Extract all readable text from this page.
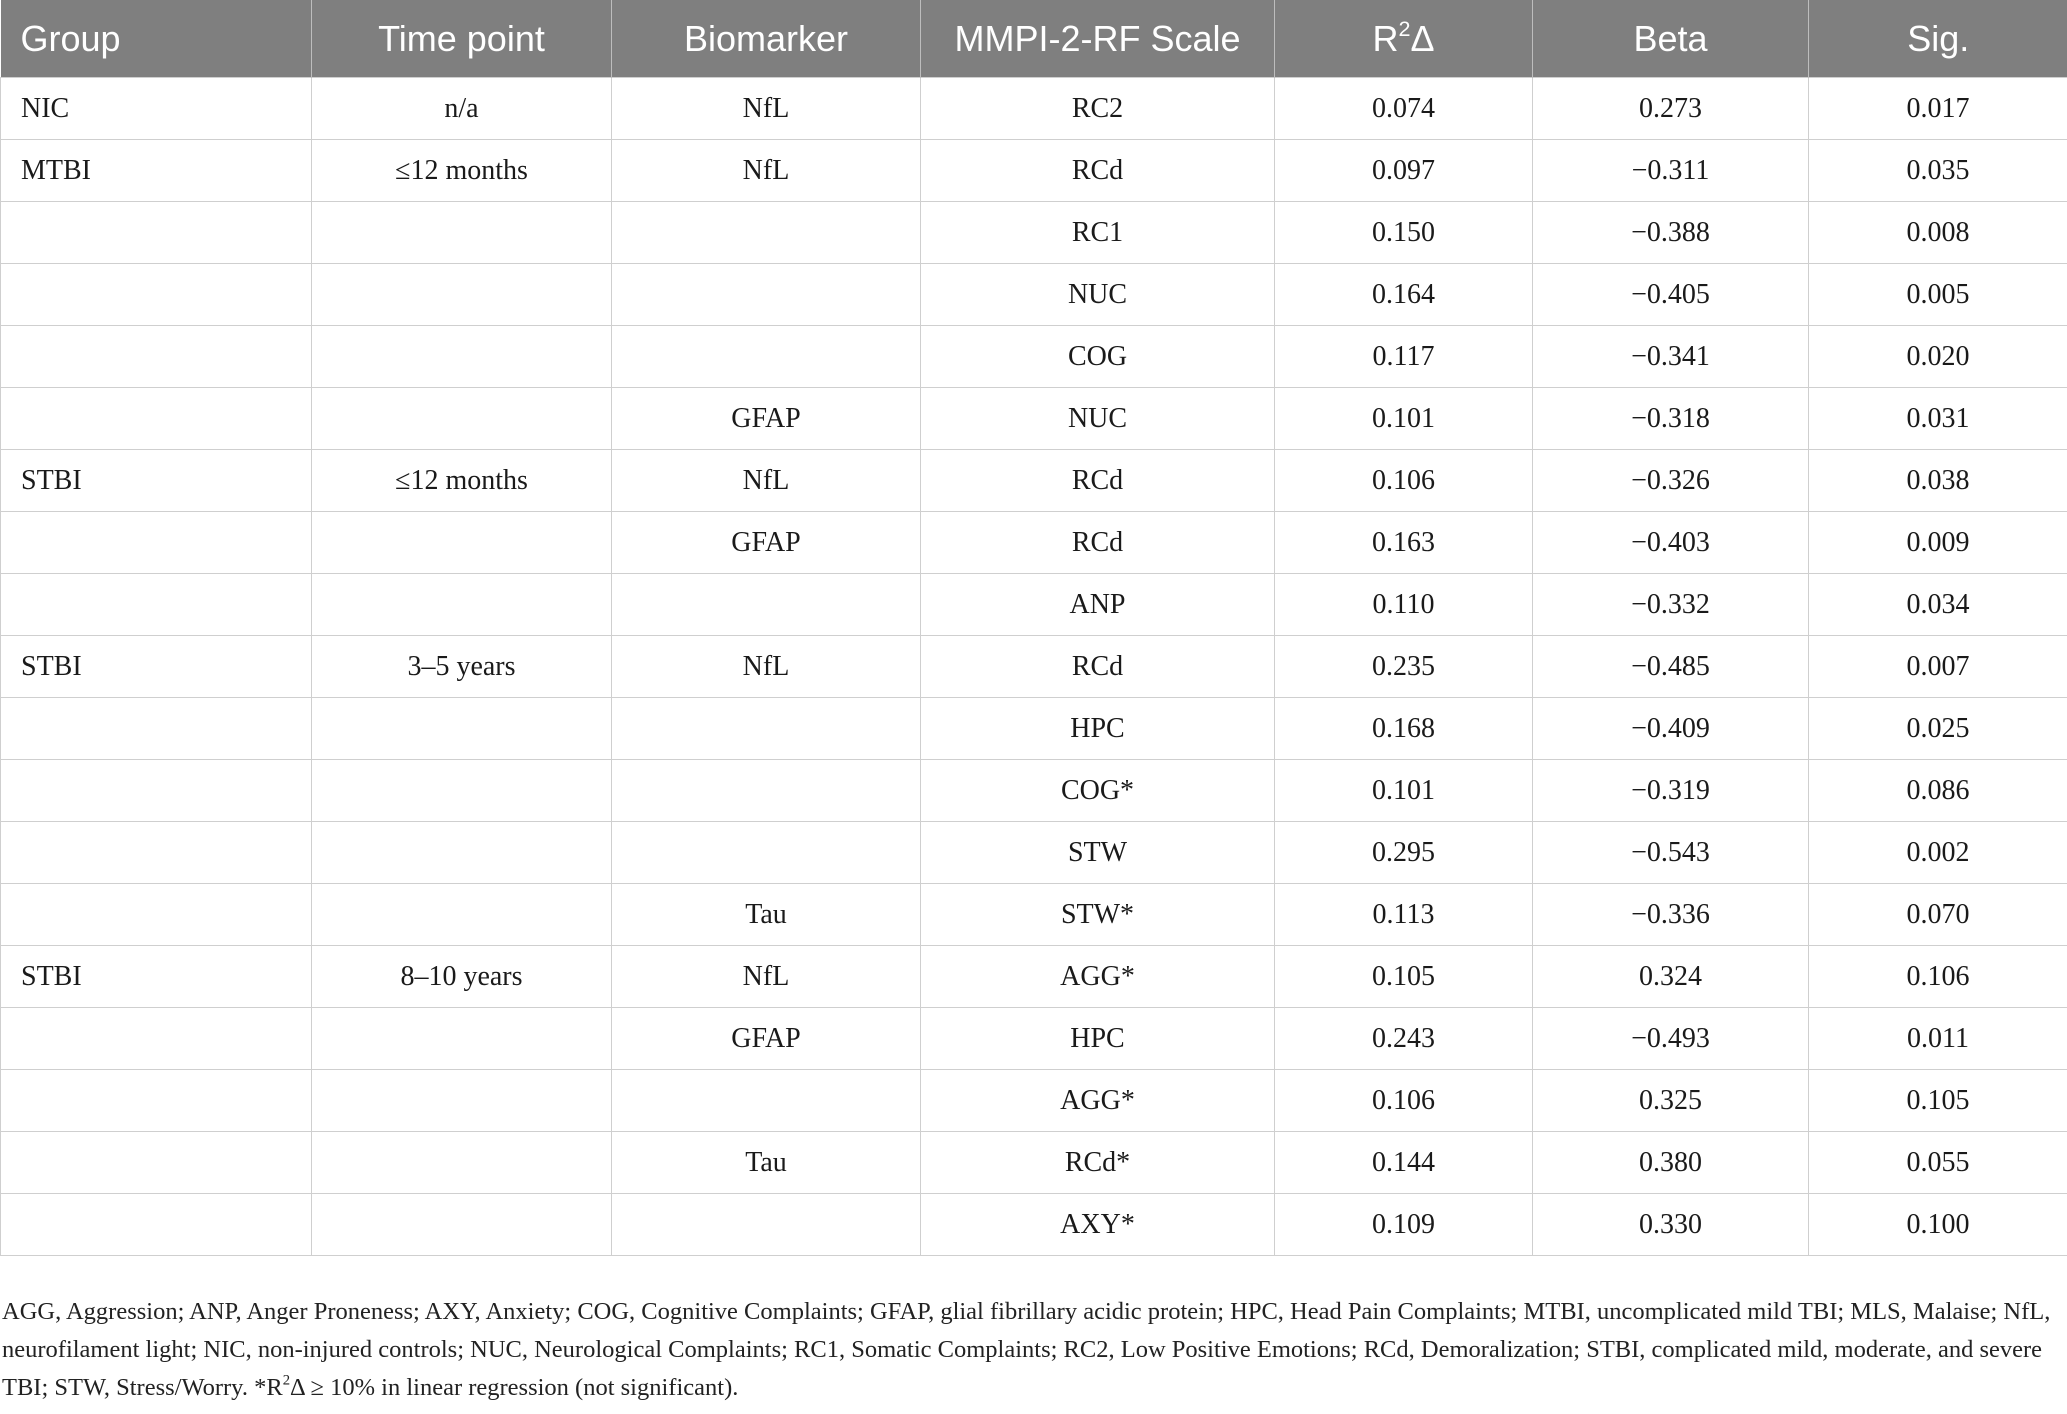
Group	Time point	Biomarker	MMPI-2-RF Scale	$R^2\Delta$	Beta	Sig.
NIC	n/a	NfL	RC2	0.074	0.273	0.017
MTBI	≤12 months	NfL	RCd	0.097	−0.311	0.035
			RC1	0.150	−0.388	0.008
			NUC	0.164	−0.405	0.005
			COG	0.117	−0.341	0.020
		GFAP	NUC	0.101	−0.318	0.031
STBI	≤12 months	NfL	RCd	0.106	−0.326	0.038
		GFAP	RCd	0.163	−0.403	0.009
			ANP	0.110	−0.332	0.034
STBI	3–5 years	NfL	RCd	0.235	−0.485	0.007
			HPC	0.168	−0.409	0.025
			COG*	0.101	−0.319	0.086
			STW	0.295	−0.543	0.002
		Tau	STW*	0.113	−0.336	0.070
STBI	8–10 years	NfL	AGG*	0.105	0.324	0.106
		GFAP	HPC	0.243	−0.493	0.011
			AGG*	0.106	0.325	0.105
		Tau	RCd*	0.144	0.380	0.055
			AXY*	0.109	0.330	0.100
AGG, Aggression; ANP, Anger Proneness; AXY, Anxiety; COG, Cognitive Complaints; GFAP, glial fibrillary acidic protein; HPC, Head Pain Complaints; MTBI, uncomplicated mild TBI; MLS, Malaise; NfL, neurofilament light; NIC, non-injured controls; NUC, Neurological Complaints; RC1, Somatic Complaints; RC2, Low Positive Emotions; RCd, Demoralization; STBI, complicated mild, moderate, and severe TBI; STW, Stress/Worry. $*R^2\Delta \ge 10\%$ in linear regression (not significant).
